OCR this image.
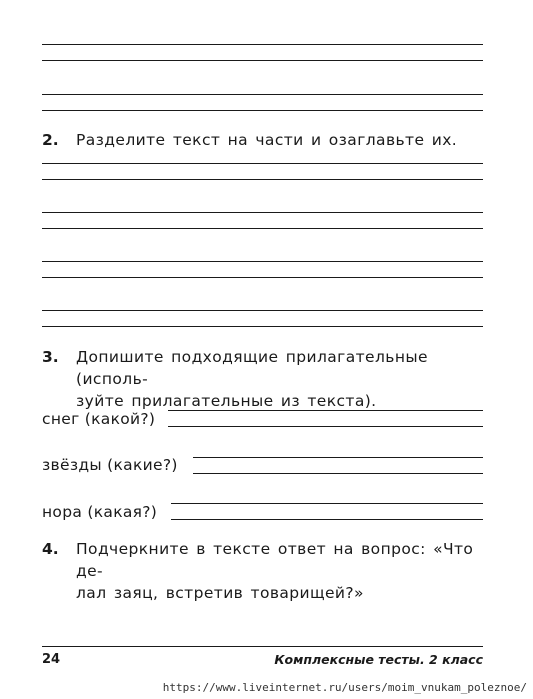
2. Разделите текст на части и озаглавьте их.
3. Допишите подходящие прилагательные (исполь-
зуйте прилагательные из текста).
снег (какой?)
звёзды (какие?)
нора (какая?)
4. Подчеркните в тексте ответ на вопрос: «Что де-
лал заяц, встретив товарищей?»
24	Комплексные тесты. 2 класс
https://www.liveinternet.ru/users/moim_vnukam_poleznoe/
